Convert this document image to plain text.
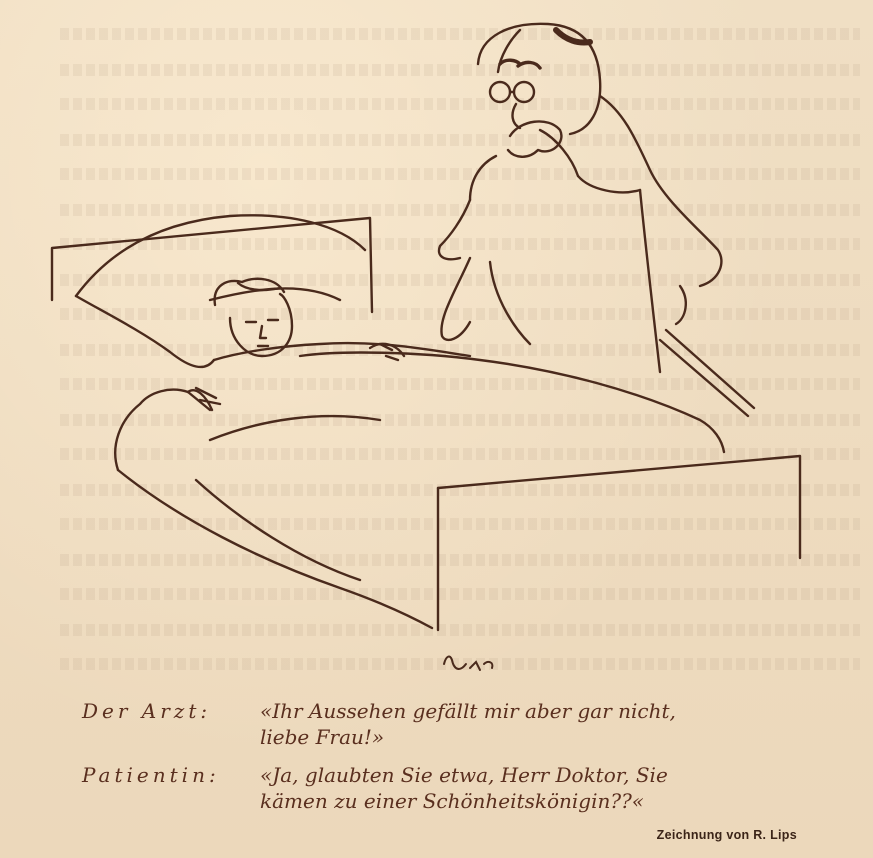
Der Arzt:	«Ihr Aussehen gefällt mir aber gar nicht,
liebe Frau!»
Patientin:	«Ja, glaubten Sie etwa, Herr Doktor, Sie
kämen zu einer Schönheitskönigin??«
Zeichnung von R. Lips
